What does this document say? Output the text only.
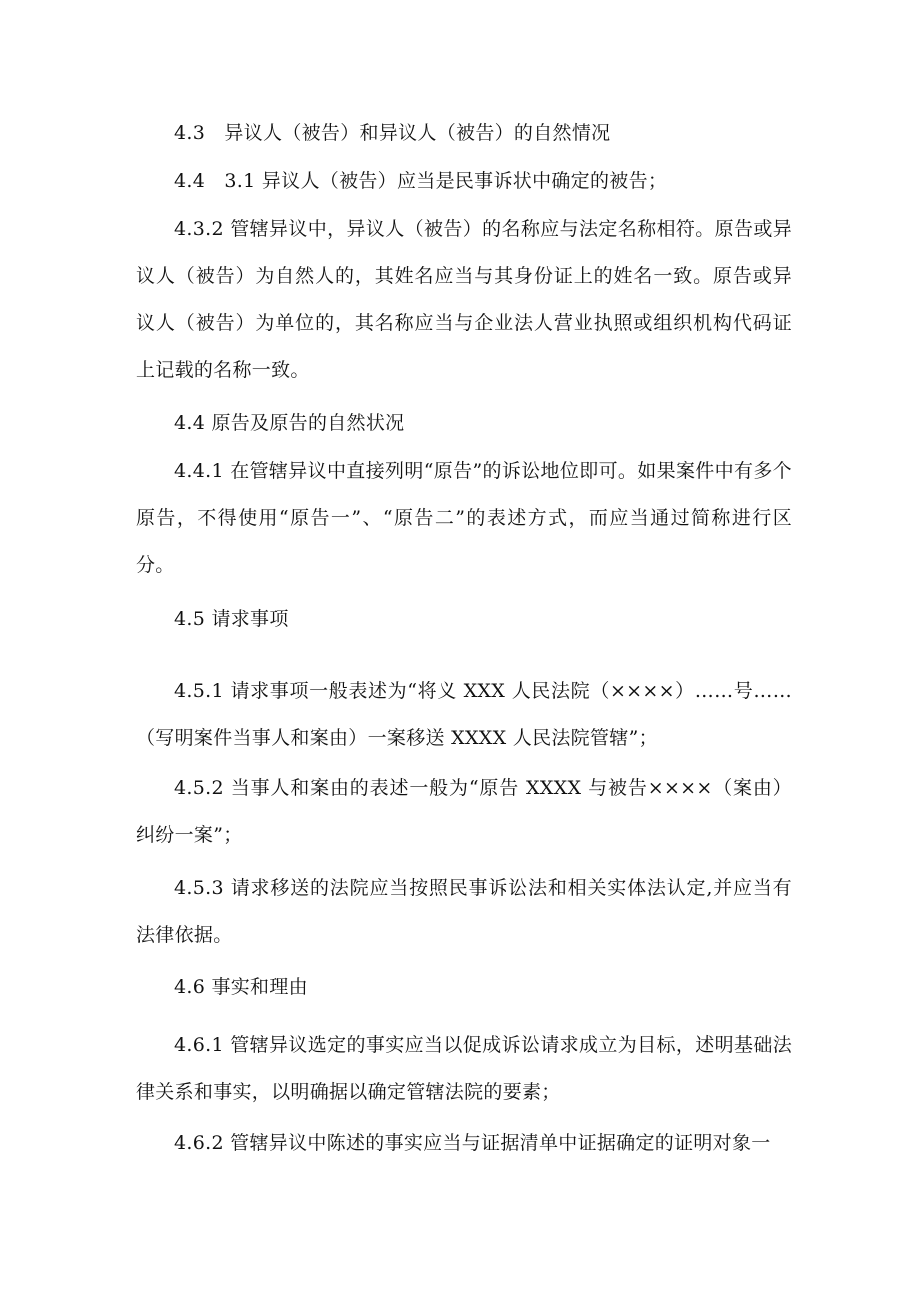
4.3　异议人（被告）和异议人（被告）的自然情况

4.4　3.1 异议人（被告）应当是民事诉状中确定的被告；

4.3.2 管辖异议中，异议人（被告）的名称应与法定名称相符。原告或异议人（被告）为自然人的，其姓名应当与其身份证上的姓名一致。原告或异议人（被告）为单位的，其名称应当与企业法人营业执照或组织机构代码证上记载的名称一致。

4.4 原告及原告的自然状况

4.4.1 在管辖异议中直接列明“原告”的诉讼地位即可。如果案件中有多个原告，不得使用“原告一”、“原告二”的表述方式，而应当通过简称进行区分。

4.5 请求事项

4.5.1 请求事项一般表述为“将义 XXX 人民法院（××××）……号……（写明案件当事人和案由）一案移送 XXXX 人民法院管辖”；

4.5.2 当事人和案由的表述一般为“原告 XXXX 与被告××××（案由）纠纷一案”；

4.5.3 请求移送的法院应当按照民事诉讼法和相关实体法认定,并应当有法律依据。

4.6 事实和理由

4.6.1 管辖异议选定的事实应当以促成诉讼请求成立为目标，述明基础法律关系和事实，以明确据以确定管辖法院的要素；

4.6.2 管辖异议中陈述的事实应当与证据清单中证据确定的证明对象一
